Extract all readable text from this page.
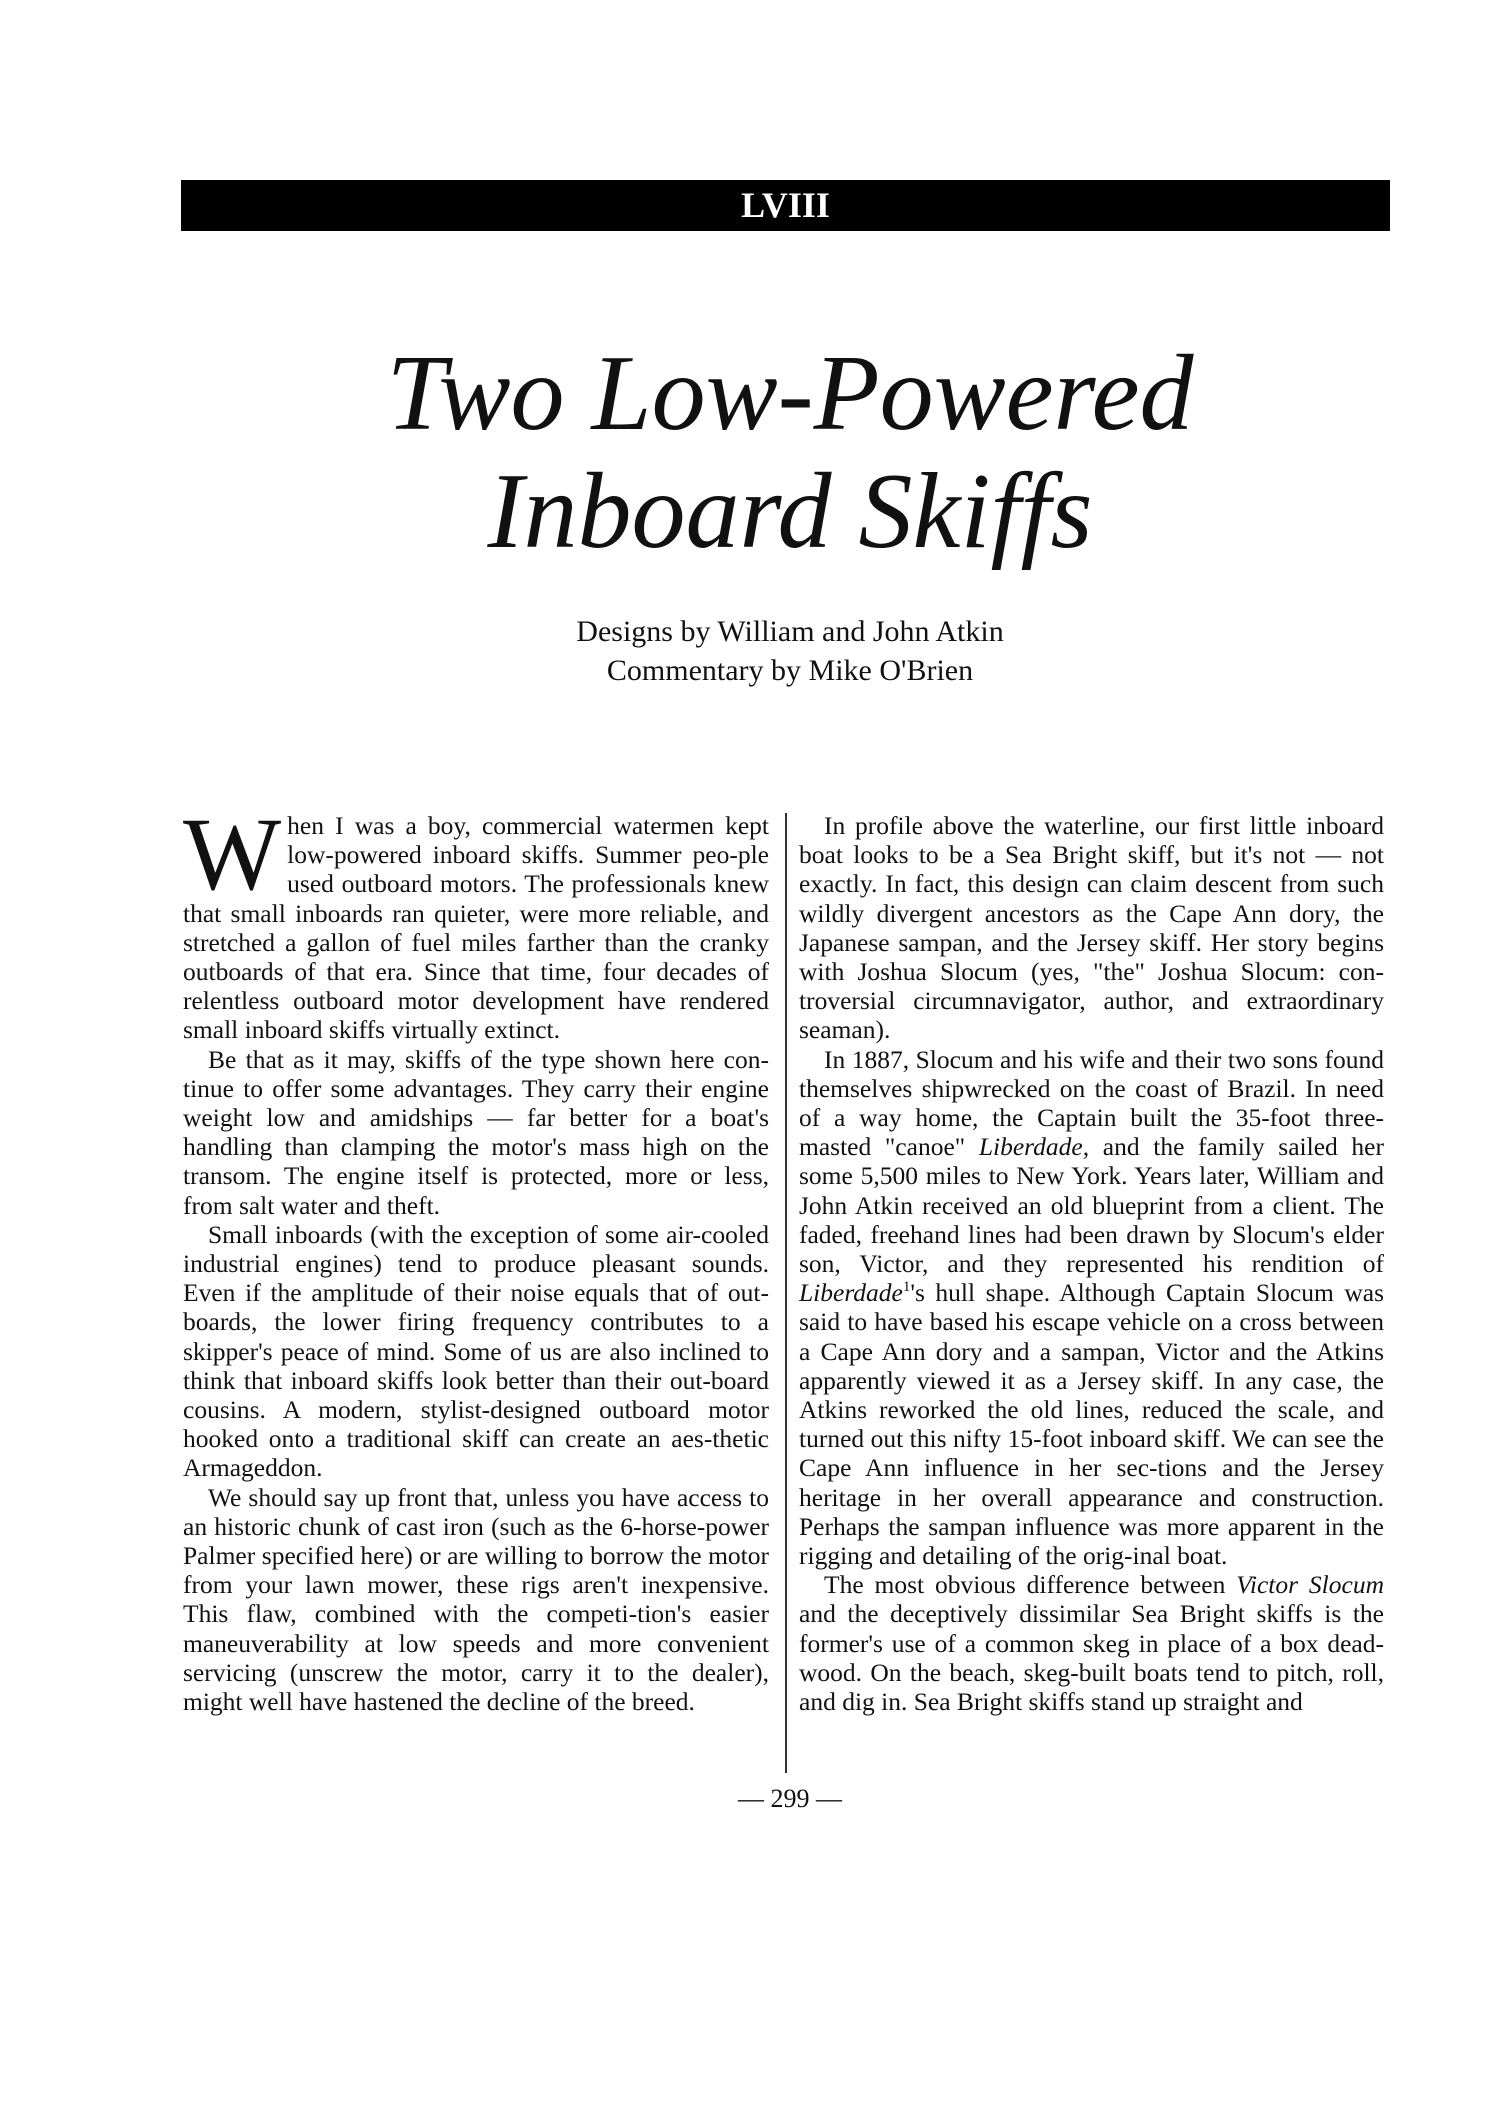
LVIII
Two Low-Powered
Inboard Skiffs
Designs by William and John Atkin
Commentary by Mike O'Brien

When I was a boy, commercial watermen kept low-powered inboard skiffs. Summer peo-ple used outboard motors. The professionals knew that small inboards ran quieter, were more reliable, and stretched a gallon of fuel miles farther than the cranky outboards of that era. Since that time, four decades of relentless outboard motor development have rendered small inboard skiffs virtually extinct.

Be that as it may, skiffs of the type shown here con-tinue to offer some advantages. They carry their engine weight low and amidships — far better for a boat's handling than clamping the motor's mass high on the transom. The engine itself is protected, more or less, from salt water and theft.

Small inboards (with the exception of some air-cooled industrial engines) tend to produce pleasant sounds. Even if the amplitude of their noise equals that of out-boards, the lower firing frequency contributes to a skipper's peace of mind. Some of us are also inclined to think that inboard skiffs look better than their out-board cousins. A modern, stylist-designed outboard motor hooked onto a traditional skiff can create an aes-thetic Armageddon.

We should say up front that, unless you have access to an historic chunk of cast iron (such as the 6-horse-power Palmer specified here) or are willing to borrow the motor from your lawn mower, these rigs aren't inexpensive. This flaw, combined with the competi-tion's easier maneuverability at low speeds and more convenient servicing (unscrew the motor, carry it to the dealer), might well have hastened the decline of the breed.

In profile above the waterline, our first little inboard boat looks to be a Sea Bright skiff, but it's not — not exactly. In fact, this design can claim descent from such wildly divergent ancestors as the Cape Ann dory, the Japanese sampan, and the Jersey skiff. Her story begins with Joshua Slocum (yes, "the" Joshua Slocum: con-troversial circumnavigator, author, and extraordinary seaman).

In 1887, Slocum and his wife and their two sons found themselves shipwrecked on the coast of Brazil. In need of a way home, the Captain built the 35-foot three-masted "canoe" Liberdade, and the family sailed her some 5,500 miles to New York. Years later, William and John Atkin received an old blueprint from a client. The faded, freehand lines had been drawn by Slocum's elder son, Victor, and they represented his rendition of Liberdade$^1$'s hull shape. Although Captain Slocum was said to have based his escape vehicle on a cross between a Cape Ann dory and a sampan, Victor and the Atkins apparently viewed it as a Jersey skiff. In any case, the Atkins reworked the old lines, reduced the scale, and turned out this nifty 15-foot inboard skiff. We can see the Cape Ann influence in her sec-tions and the Jersey heritage in her overall appearance and construction. Perhaps the sampan influence was more apparent in the rigging and detailing of the orig-inal boat.

The most obvious difference between Victor Slocum and the deceptively dissimilar Sea Bright skiffs is the former's use of a common skeg in place of a box dead-wood. On the beach, skeg-built boats tend to pitch, roll, and dig in. Sea Bright skiffs stand up straight and

— 299 —
